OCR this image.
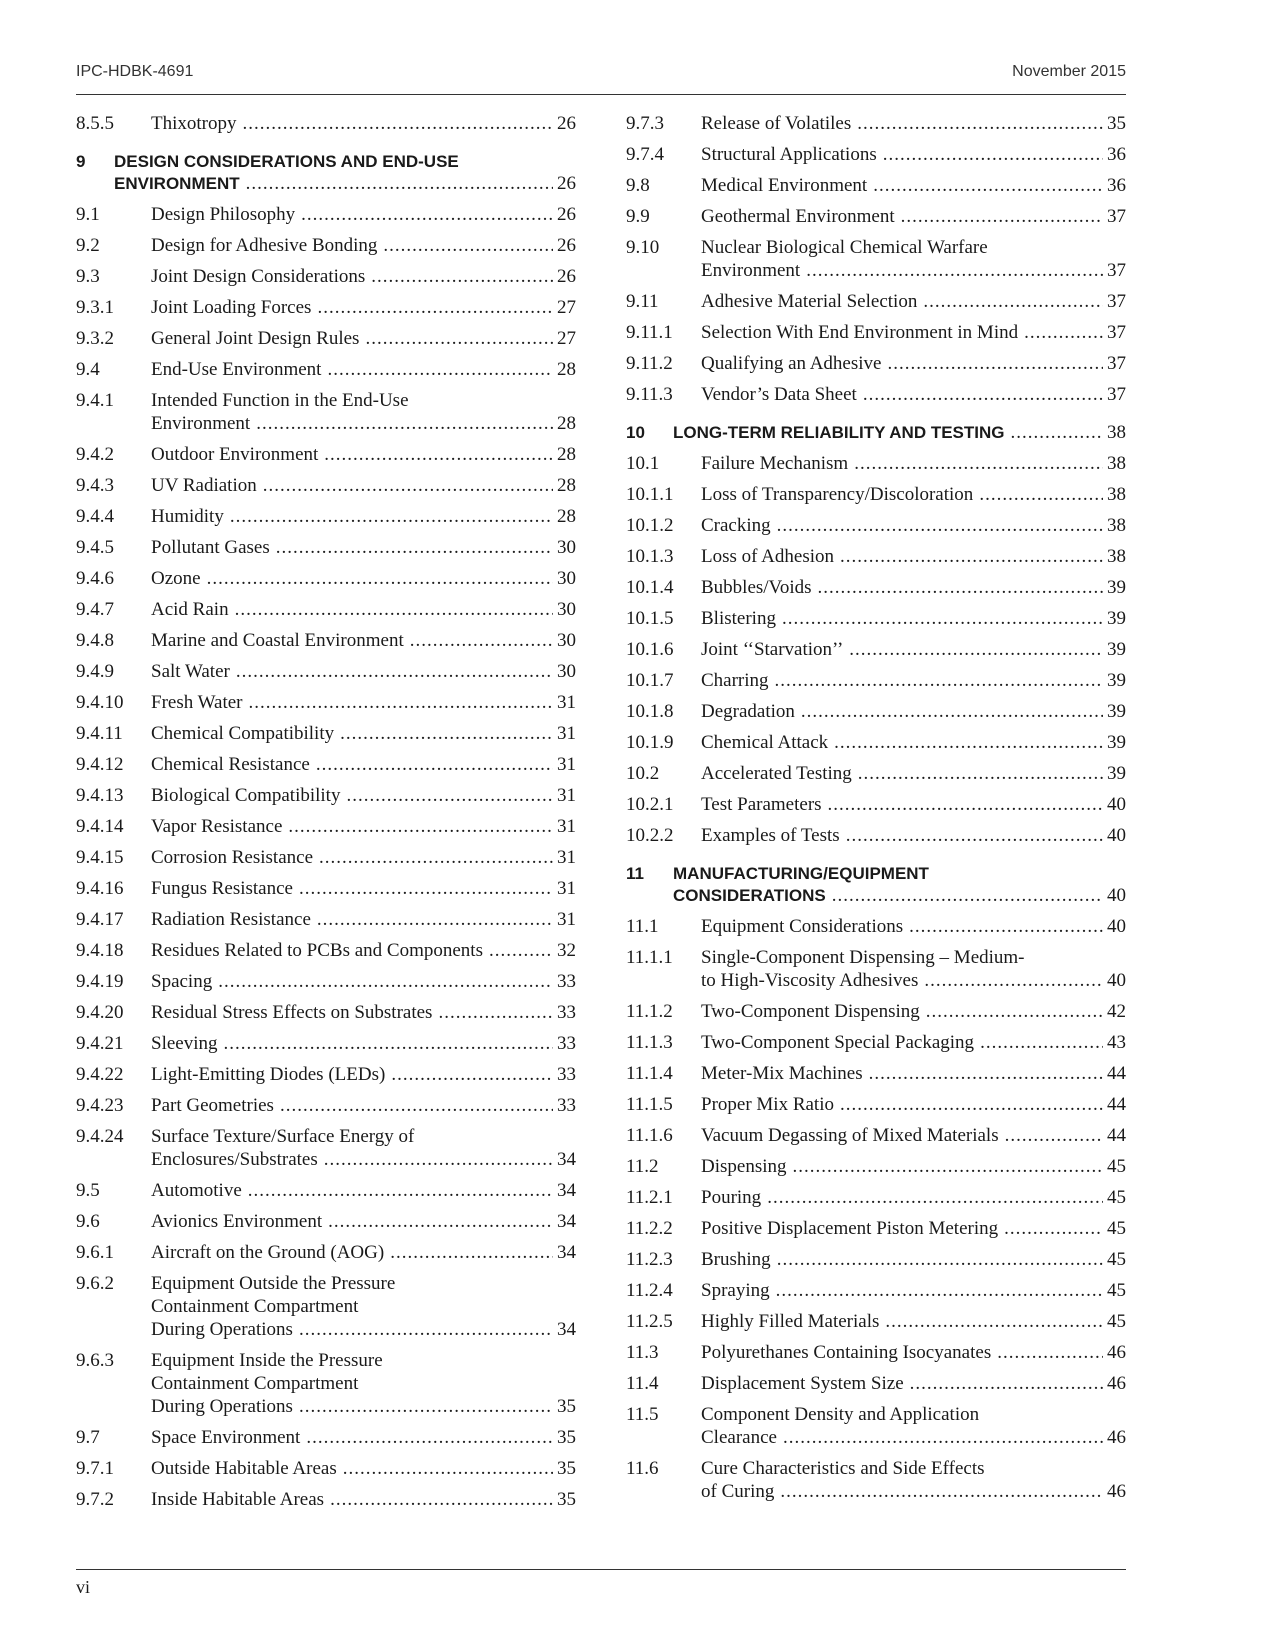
IPC-HDBK-4691	November 2015
8.5.5 Thixotropy .....	26
9 DESIGN CONSIDERATIONS AND END-USE
ENVIRONMENT .....	26
9.1	Design Philosophy .....	26
9.2	Design for Adhesive Bonding .....	26
9.3	Joint Design Considerations .....	26
9.3.1 Joint Loading Forces .....	27
9.3.2 General Joint Design Rules .....	27
9.4	End-Use Environment .....	28
9.4.1 Intended Function in the End-Use
Environment .....	28
9.4.2 Outdoor Environment .....	28
9.4.3 UV Radiation .....	28
9.4.4 Humidity .....	28
9.4.5 Pollutant Gases .....	30
9.4.6 Ozone .....	30
9.4.7 Acid Rain .....	30
9.4.8 Marine and Coastal Environment .....	30
9.4.9 Salt Water .....	30
9.4.10 Fresh Water .....	31
9.4.11 Chemical Compatibility .....	31
9.4.12 Chemical Resistance .....	31
9.4.13 Biological Compatibility .....	31
9.4.14 Vapor Resistance .....	31
9.4.15 Corrosion Resistance .....	31
9.4.16 Fungus Resistance .....	31
9.4.17 Radiation Resistance .....	31
9.4.18 Residues Related to PCBs and Components .....	32
9.4.19 Spacing .....	33
9.4.20 Residual Stress Effects on Substrates .....	33
9.4.21 Sleeving .....	33
9.4.22 Light-Emitting Diodes (LEDs) .....	33
9.4.23 Part Geometries .....	33
9.4.24 Surface Texture/Surface Energy of
Enclosures/Substrates .....	34
9.5	Automotive .....	34
9.6	Avionics Environment .....	34
9.6.1 Aircraft on the Ground (AOG) .....	34
9.6.2 Equipment Outside the Pressure
Containment Compartment
During Operations .....	34
9.6.3 Equipment Inside the Pressure
Containment Compartment
During Operations .....	35
9.7	Space Environment .....	35
9.7.1 Outside Habitable Areas .....	35
9.7.2 Inside Habitable Areas .....	35
9.7.3 Release of Volatiles .....	35
9.7.4 Structural Applications .....	36
9.8	Medical Environment .....	36
9.9	Geothermal Environment .....	37
9.10 Nuclear Biological Chemical Warfare
Environment .....	37
9.11 Adhesive Material Selection .....	37
9.11.1 Selection With End Environment in Mind .....	37
9.11.2 Qualifying an Adhesive .....	37
9.11.3 Vendor’s Data Sheet .....	37
10 LONG-TERM RELIABILITY AND TESTING .....	38
10.1 Failure Mechanism .....	38
10.1.1 Loss of Transparency/Discoloration .....	38
10.1.2 Cracking .....	38
10.1.3 Loss of Adhesion .....	38
10.1.4 Bubbles/Voids .....	39
10.1.5 Blistering .....	39
10.1.6 Joint ‘‘Starvation’’ .....	39
10.1.7 Charring .....	39
10.1.8 Degradation .....	39
10.1.9 Chemical Attack .....	39
10.2 Accelerated Testing .....	39
10.2.1 Test Parameters .....	40
10.2.2 Examples of Tests .....	40
11 MANUFACTURING/EQUIPMENT
CONSIDERATIONS .....	40
11.1 Equipment Considerations .....	40
11.1.1 Single-Component Dispensing – Medium-
to High-Viscosity Adhesives .....	40
11.1.2 Two-Component Dispensing .....	42
11.1.3 Two-Component Special Packaging .....	43
11.1.4 Meter-Mix Machines .....	44
11.1.5 Proper Mix Ratio .....	44
11.1.6 Vacuum Degassing of Mixed Materials .....	44
11.2 Dispensing .....	45
11.2.1 Pouring .....	45
11.2.2 Positive Displacement Piston Metering .....	45
11.2.3 Brushing .....	45
11.2.4 Spraying .....	45
11.2.5 Highly Filled Materials .....	45
11.3 Polyurethanes Containing Isocyanates .....	46
11.4 Displacement System Size .....	46
11.5 Component Density and Application
Clearance .....	46
11.6 Cure Characteristics and Side Effects
of Curing .....	46
vi
